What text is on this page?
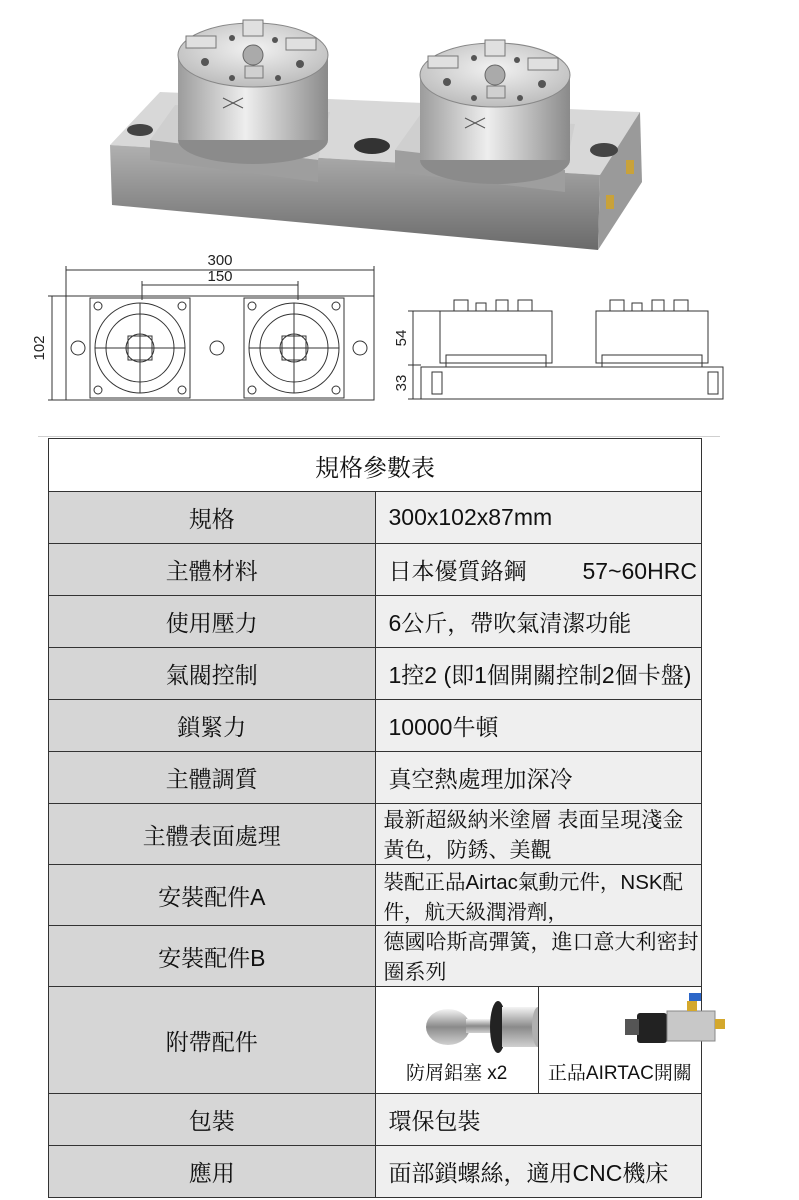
300
150
102	54
33
規格參數表	
規格	300x102x87mm
主體材料	日本優質鉻鋼 57~60HRC
使用壓力	6公斤，帶吹氣清潔功能
氣閥控制	1控2 (即1個開關控制2個卡盤)
鎖緊力	10000牛頓
主體調質	真空熱處理加深冷
主體表面處理	最新超級納米塗層 表面呈現淺金黃色，防銹、美觀
安裝配件A	裝配正品Airtac氣動元件，NSK配件，航天級潤滑劑，
安裝配件B	德國哈斯高彈簧，進口意大利密封圈系列
附帶配件	防屑鋁塞 x2 正品AIRTAC開關

包裝	環保包裝
應用	面部鎖螺絲，適用CNC機床
